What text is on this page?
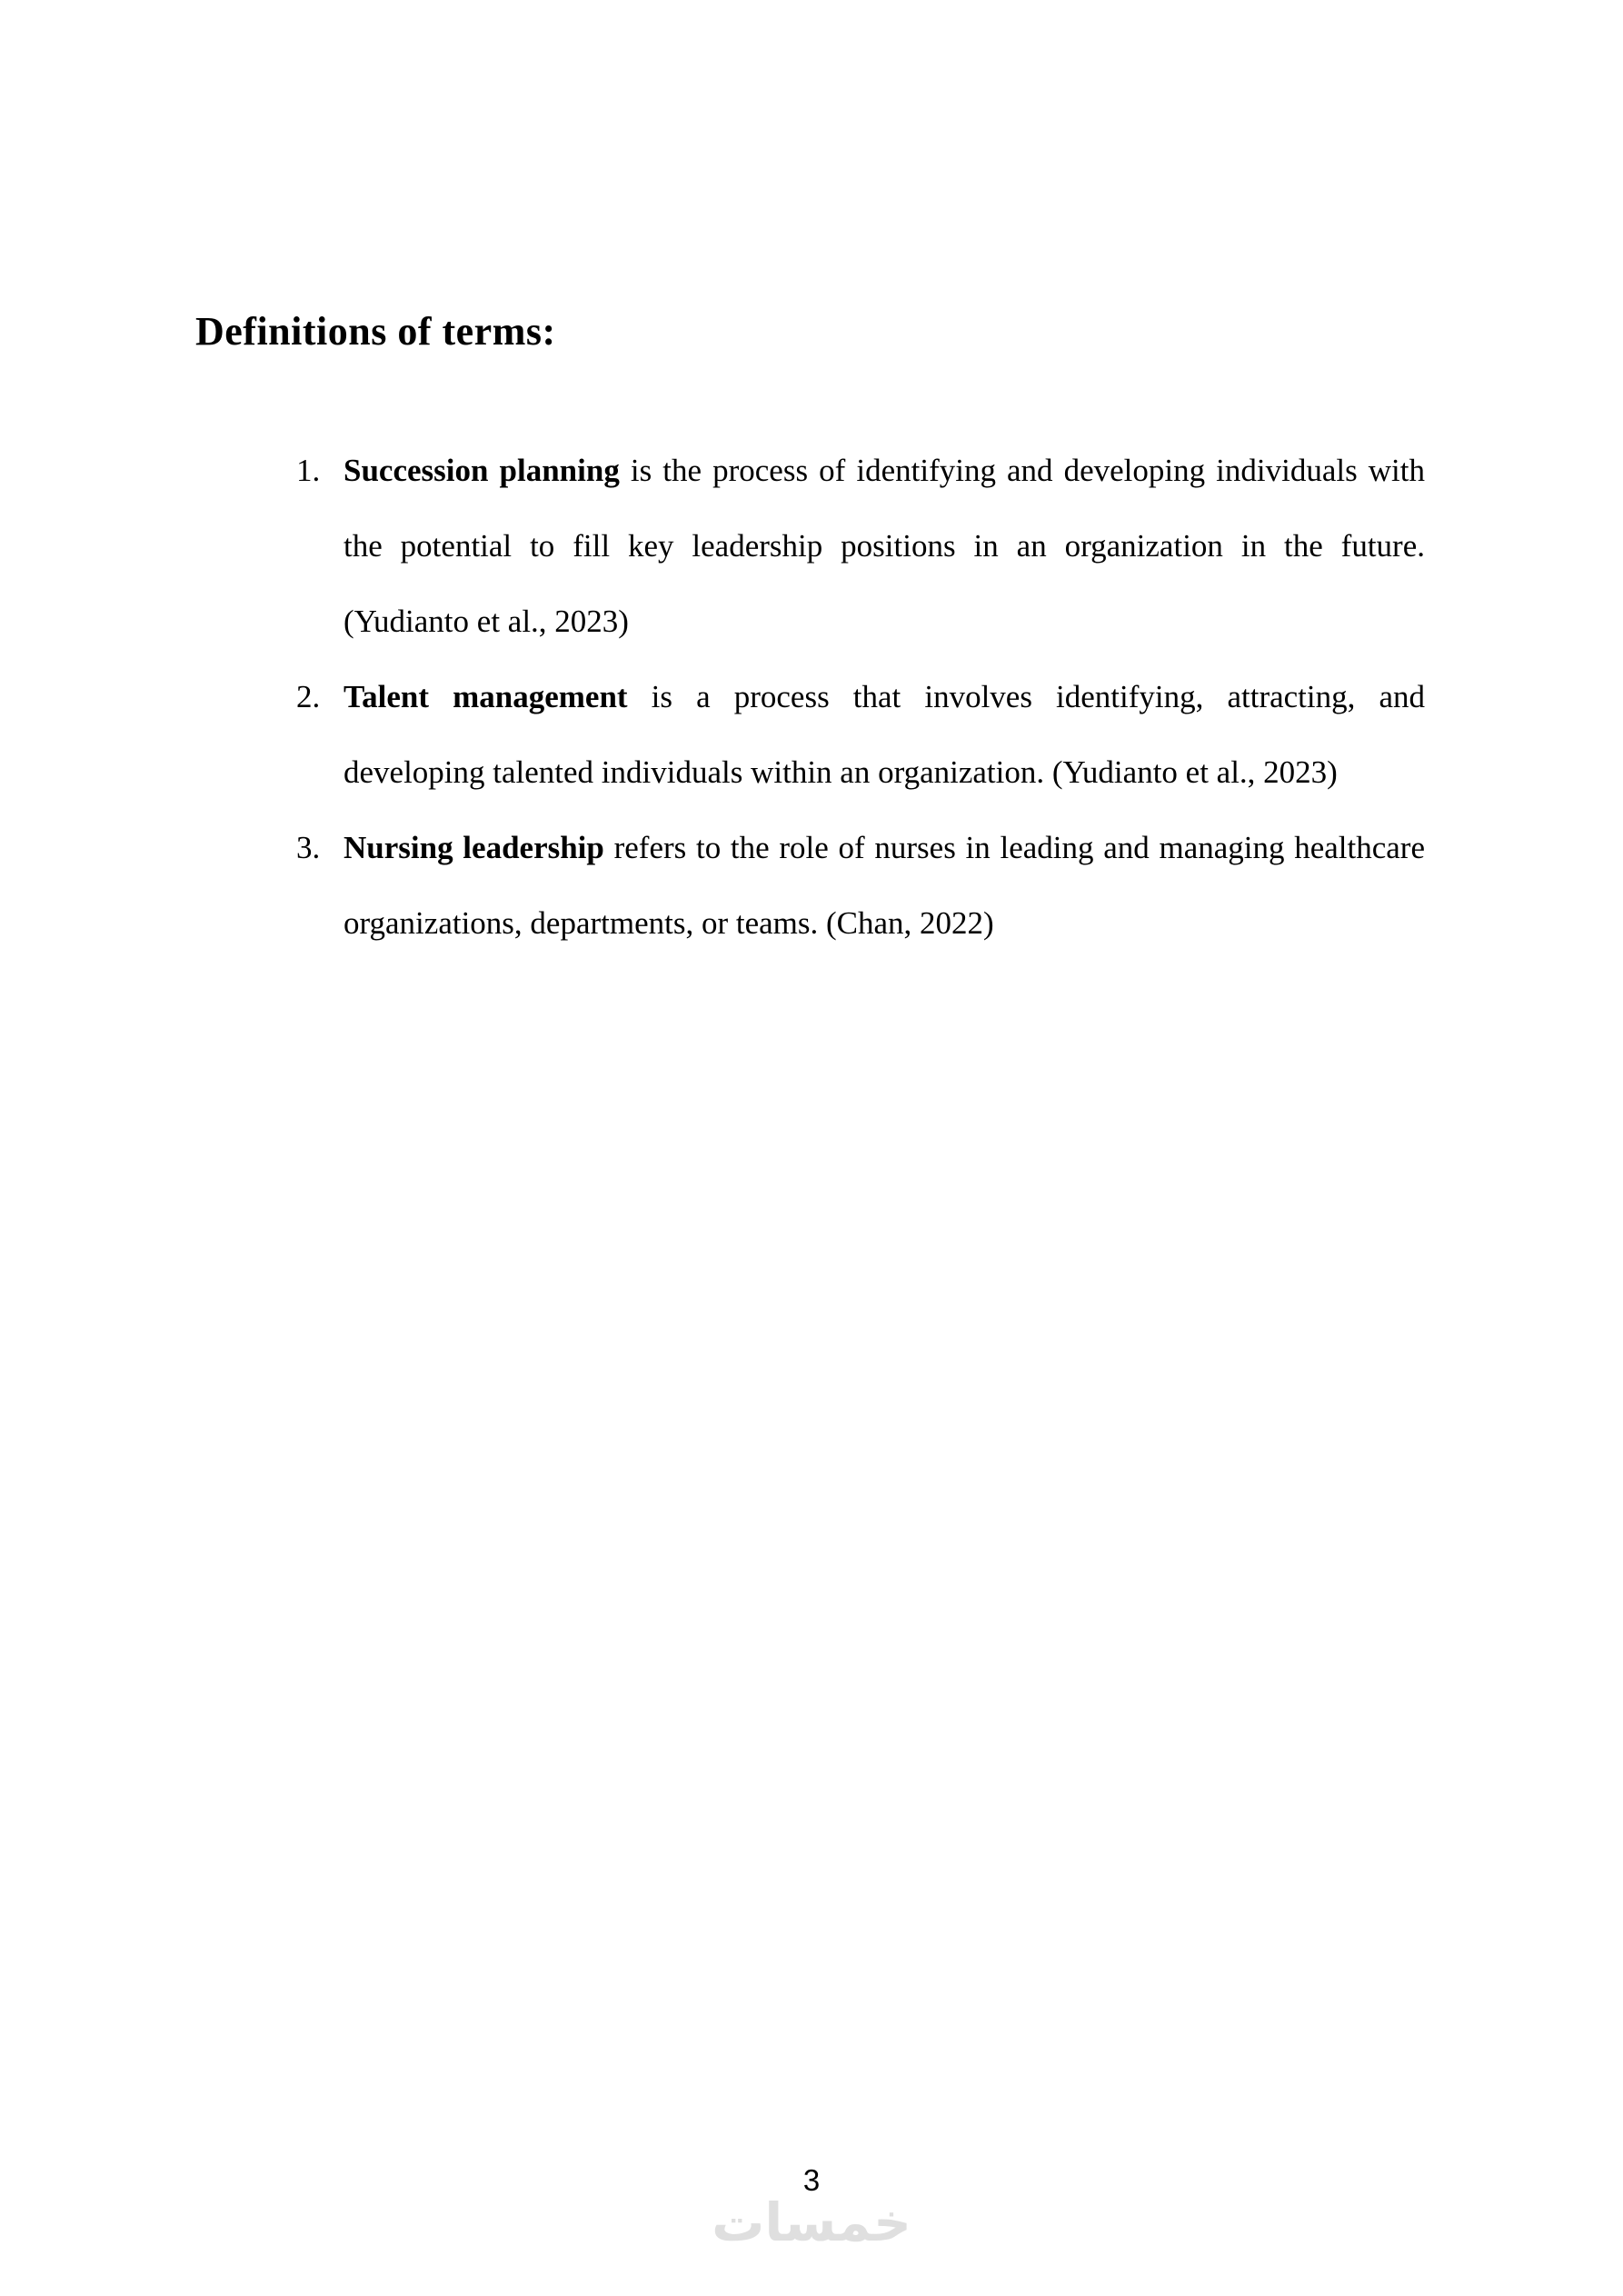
Definitions of terms:
1. Succession planning is the process of identifying and developing individuals with
the potential to fill key leadership positions in an organization in the future.
(Yudianto et al., 2023)
2. Talent management is a process that involves identifying, attracting, and
developing talented individuals within an organization. (Yudianto et al., 2023)
3. Nursing leadership refers to the role of nurses in leading and managing healthcare
organizations, departments, or teams. (Chan, 2022)
3
خمسات
